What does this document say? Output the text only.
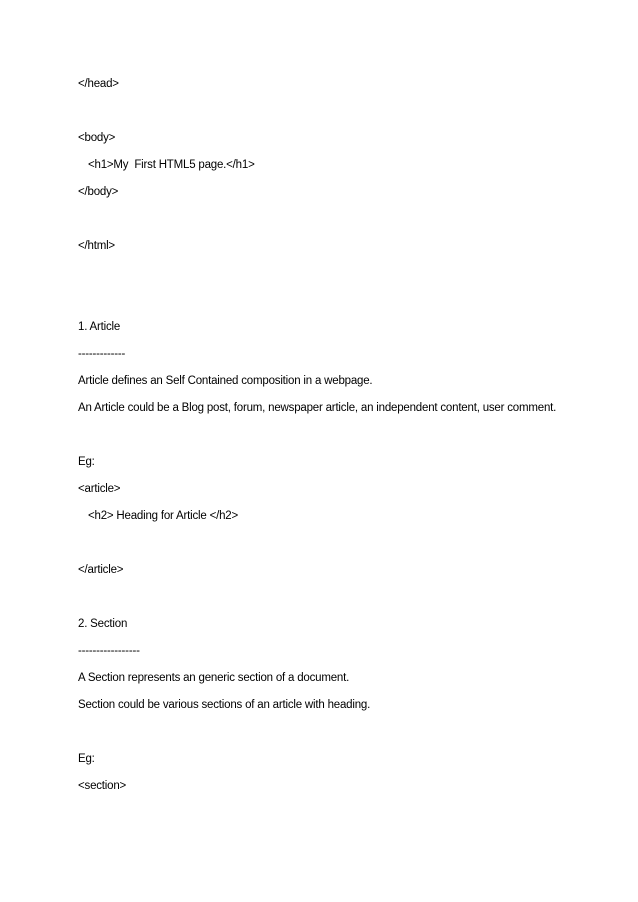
</head>
<body>
<h1>My  First HTML5 page.</h1>
</body>
</html>
1. Article
-------------
Article defines an Self Contained composition in a webpage.
An Article could be a Blog post, forum, newspaper article, an independent content, user comment.
Eg:
<article>
<h2> Heading for Article </h2>
</article>
2. Section
-----------------
A Section represents an generic section of a document.
Section could be various sections of an article with heading.
Eg:
<section>
